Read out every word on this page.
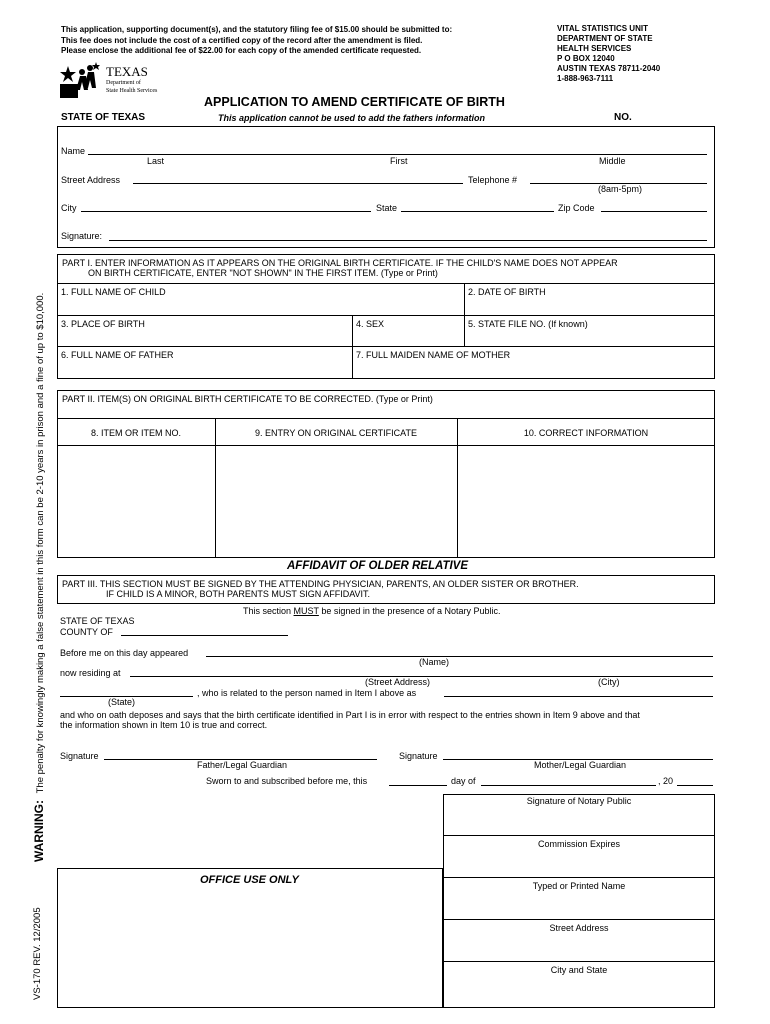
This application, supporting document(s), and the statutory filing fee of $15.00 should be submitted to:
This fee does not include the cost of a certified copy of the record after the amendment is filed.
Please enclose the additional fee of $22.00 for each copy of the amended certificate requested.
VITAL STATISTICS UNIT
DEPARTMENT OF STATE
HEALTH SERVICES
P O BOX 12040
AUSTIN TEXAS 78711-2040
1-888-963-7111
TEXAS
Department of
State Health Services
APPLICATION TO AMEND CERTIFICATE OF BIRTH
STATE OF TEXAS	This application cannot be used to add the fathers information	NO.
Name
Last	First	Middle
Street Address	Telephone #
(8am-5pm)
City	State	Zip Code
Signature:
PART I. ENTER INFORMATION AS IT APPEARS ON THE ORIGINAL BIRTH CERTIFICATE. IF THE CHILD'S NAME DOES NOT APPEAR
ON BIRTH CERTIFICATE, ENTER "NOT SHOWN" IN THE FIRST ITEM. (Type or Print)
1. FULL NAME OF CHILD	2. DATE OF BIRTH
3. PLACE OF BIRTH	4. SEX	5. STATE FILE NO. (If known)
6. FULL NAME OF FATHER	7. FULL MAIDEN NAME OF MOTHER
PART II. ITEM(S) ON ORIGINAL BIRTH CERTIFICATE TO BE CORRECTED. (Type or Print)
8. ITEM OR ITEM NO.	9. ENTRY ON ORIGINAL CERTIFICATE	10. CORRECT INFORMATION
AFFIDAVIT OF OLDER RELATIVE
PART III. THIS SECTION MUST BE SIGNED BY THE ATTENDING PHYSICIAN, PARENTS, AN OLDER SISTER OR BROTHER.
IF CHILD IS A MINOR, BOTH PARENTS MUST SIGN AFFIDAVIT.
This section MUST be signed in the presence of a Notary Public.
STATE OF TEXAS
COUNTY OF
Before me on this day appeared
(Name)
now residing at
(Street Address)	(City)
, who is related to the person named in Item I above as
(State)
and who on oath deposes and says that the birth certificate identified in Part I is in error with respect to the entries shown in Item 9 above and that
the information shown in Item 10 is true and correct.
Signature
Father/Legal Guardian
Signature
Mother/Legal Guardian
Sworn to and subscribed before me, this	day of	, 20
OFFICE USE ONLY
Signature of Notary Public
Commission Expires
Typed or Printed Name
Street Address
City and State
WARNING: The penalty for knowingly making a false statement in this form can be 2-10 years in prison and a fine of up to $10,000.
VS-170 REV. 12/2005
